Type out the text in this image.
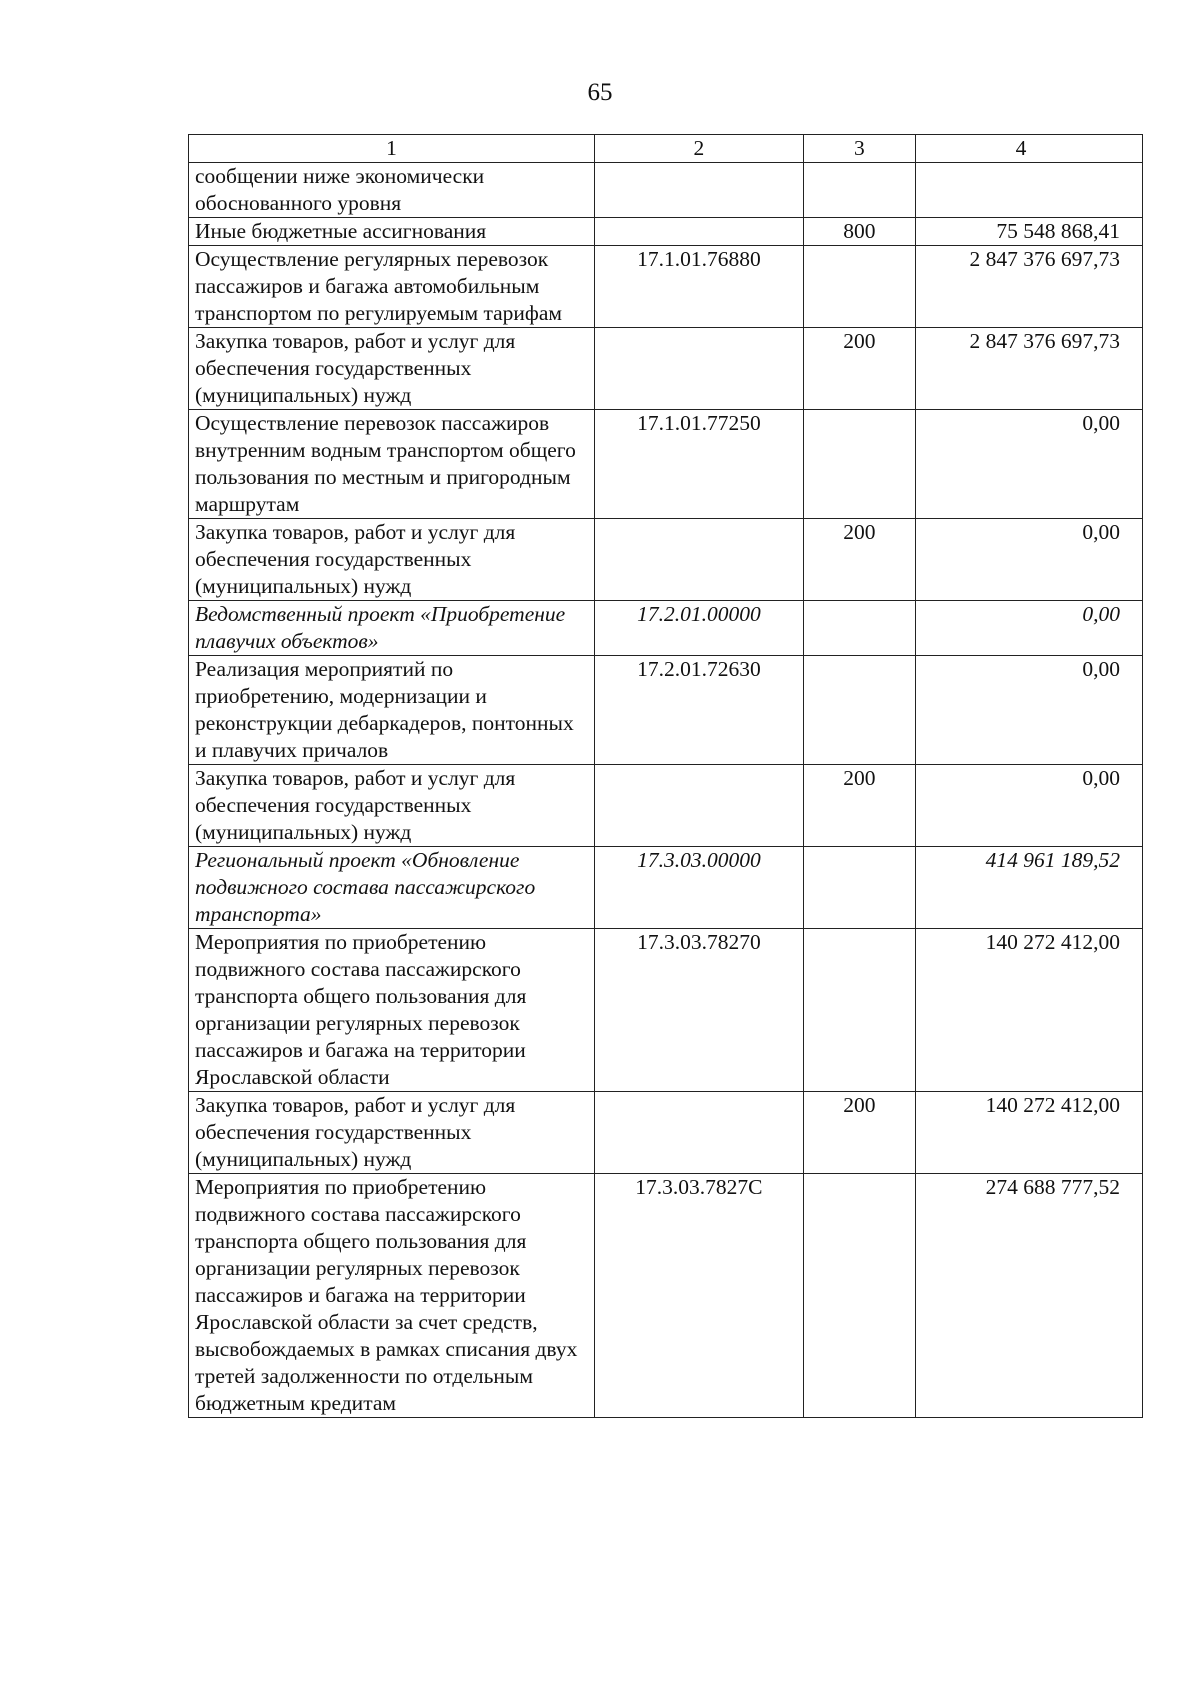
65
1	2	3	4
сообщении ниже экономически обоснованного уровня			
Иные бюджетные ассигнования		800	75 548 868,41
Осуществление регулярных перевозок пассажиров и багажа автомобильным транспортом по регулируемым тарифам	17.1.01.76880		2 847 376 697,73
Закупка товаров, работ и услуг для обеспечения государственных (муниципальных) нужд		200	2 847 376 697,73
Осуществление перевозок пассажиров внутренним водным транспортом общего пользования по местным и пригородным маршрутам	17.1.01.77250		0,00
Закупка товаров, работ и услуг для обеспечения государственных (муниципальных) нужд		200	0,00
Ведомственный проект «Приобретение плавучих объектов»	17.2.01.00000		0,00
Реализация мероприятий по приобретению, модернизации и реконструкции дебаркадеров, понтонных и плавучих причалов	17.2.01.72630		0,00
Закупка товаров, работ и услуг для обеспечения государственных (муниципальных) нужд		200	0,00
Региональный проект «Обновление подвижного состава пассажирского транспорта»	17.3.03.00000		414 961 189,52
Мероприятия по приобретению подвижного состава пассажирского транспорта общего пользования для организации регулярных перевозок пассажиров и багажа на территории Ярославской области	17.3.03.78270		140 272 412,00
Закупка товаров, работ и услуг для обеспечения государственных (муниципальных) нужд		200	140 272 412,00
Мероприятия по приобретению подвижного состава пассажирского транспорта общего пользования для организации регулярных перевозок пассажиров и багажа на территории Ярославской области за счет средств, высвобождаемых в рамках списания двух третей задолженности по отдельным бюджетным кредитам	17.3.03.7827С		274 688 777,52
